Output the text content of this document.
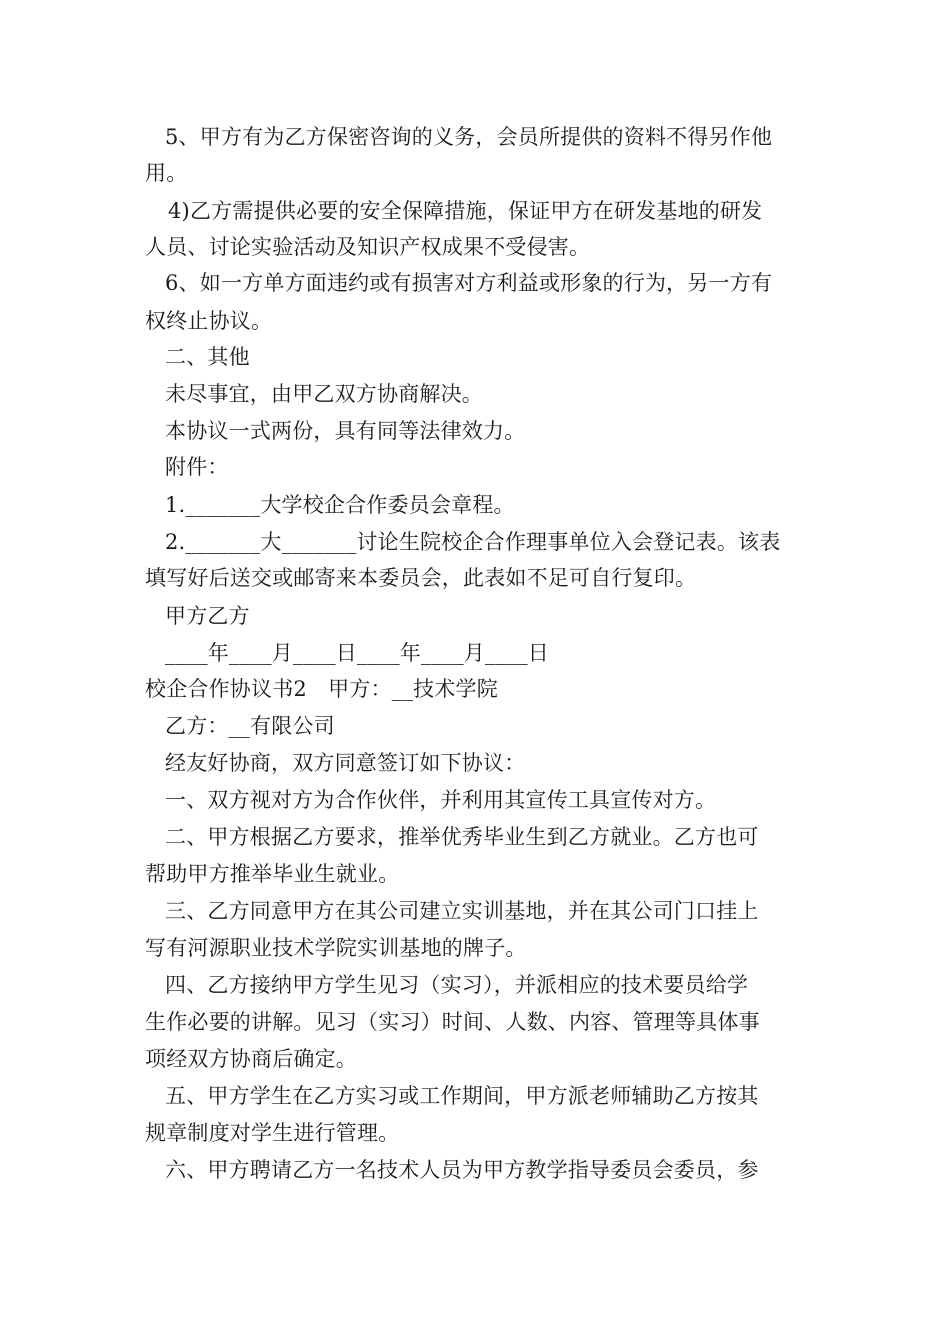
5、甲方有为乙方保密咨询的义务，会员所提供的资料不得另作他
用。
4)乙方需提供必要的安全保障措施，保证甲方在研发基地的研发
人员、讨论实验活动及知识产权成果不受侵害。
6、如一方单方面违约或有损害对方利益或形象的行为，另一方有
权终止协议。
二、其他
未尽事宜，由甲乙双方协商解决。
本协议一式两份，具有同等法律效力。
附件：
1._______大学校企合作委员会章程。
2._______大_______讨论生院校企合作理事单位入会登记表。该表
填写好后送交或邮寄来本委员会，此表如不足可自行复印。
甲方乙方
____年____月____日____年____月____日
校企合作协议书2　甲方：__技术学院
乙方：__有限公司
经友好协商，双方同意签订如下协议：
一、双方视对方为合作伙伴，并利用其宣传工具宣传对方。
二、甲方根据乙方要求，推举优秀毕业生到乙方就业。乙方也可
帮助甲方推举毕业生就业。
三、乙方同意甲方在其公司建立实训基地，并在其公司门口挂上
写有河源职业技术学院实训基地的牌子。
四、乙方接纳甲方学生见习（实习），并派相应的技术要员给学
生作必要的讲解。见习（实习）时间、人数、内容、管理等具体事
项经双方协商后确定。
五、甲方学生在乙方实习或工作期间，甲方派老师辅助乙方按其
规章制度对学生进行管理。
六、甲方聘请乙方一名技术人员为甲方教学指导委员会委员，参
